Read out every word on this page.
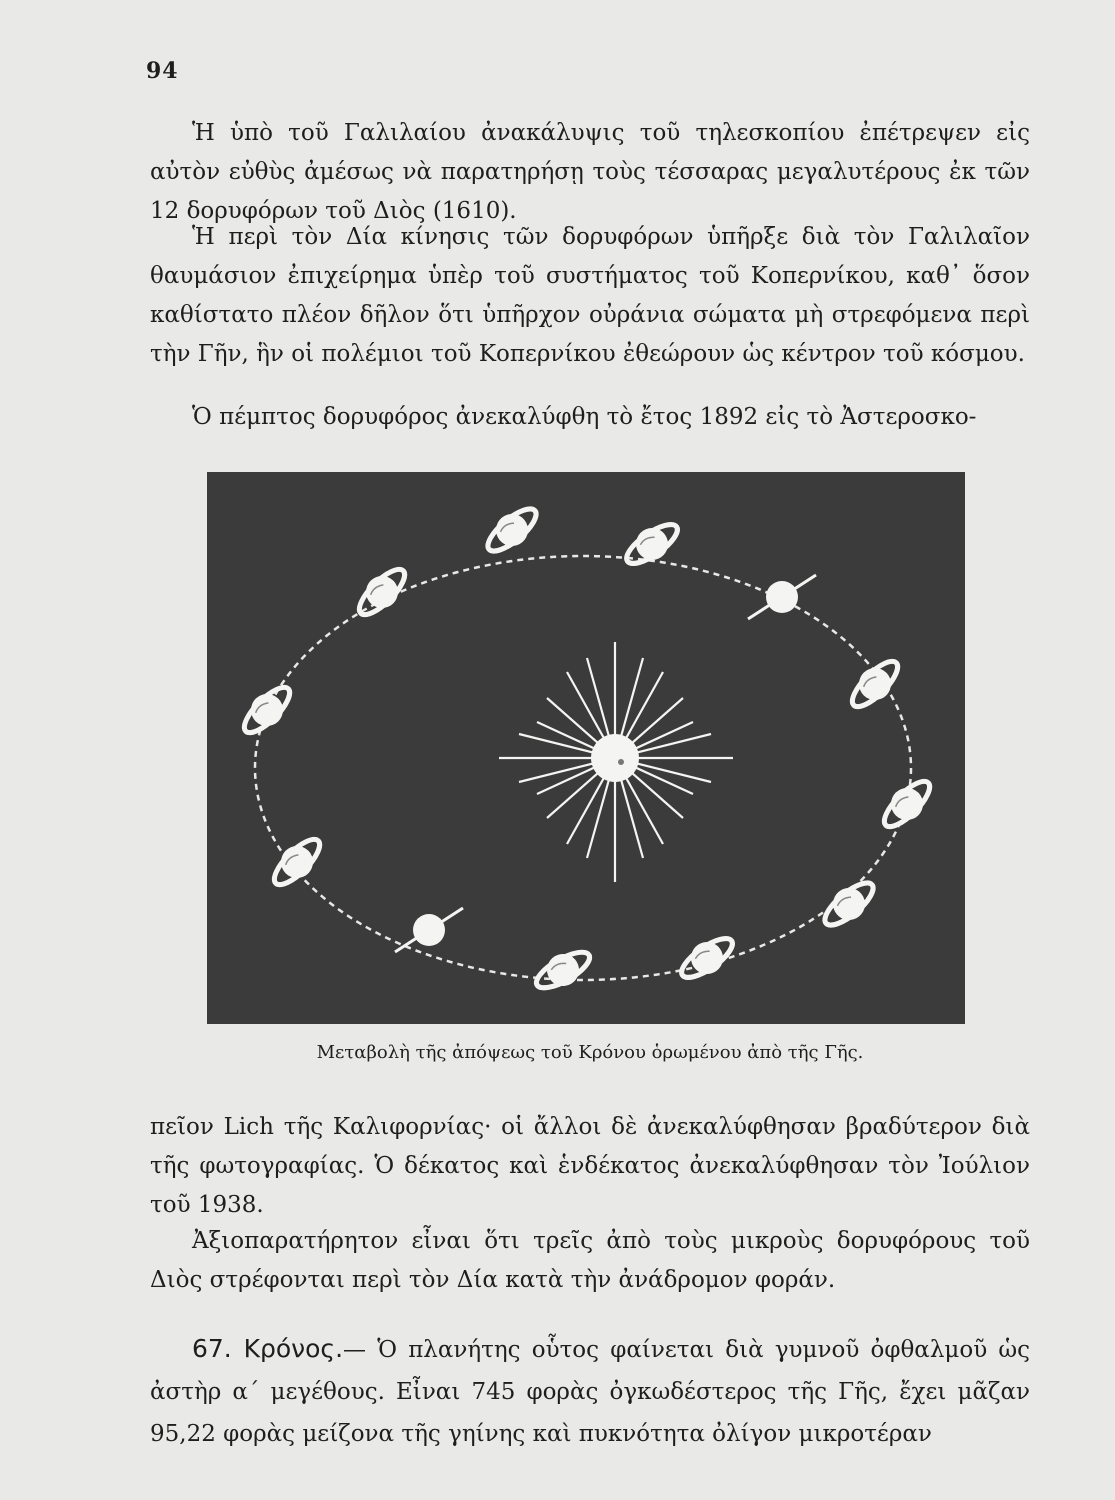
94

Ἡ ὑπὸ τοῦ Γαλιλαίου ἀνακάλυψις τοῦ τηλεσκοπίου ἐπέτρεψεν εἰς αὐτὸν εὐθὺς ἀμέσως νὰ παρατηρήσῃ τοὺς τέσσαρας μεγαλυτέρους ἐκ τῶν 12 δορυφόρων τοῦ Διὸς (1610).

Ἡ περὶ τὸν Δία κίνησις τῶν δορυφόρων ὑπῆρξε διὰ τὸν Γαλιλαῖον θαυμάσιον ἐπιχείρημα ὑπὲρ τοῦ συστήματος τοῦ Κοπερνίκου, καθ᾽ ὅσον καθίστατο πλέον δῆλον ὅτι ὑπῆρχον οὐράνια σώματα μὴ στρεφόμενα περὶ τὴν Γῆν, ἣν οἱ πολέμιοι τοῦ Κοπερνίκου ἐθεώρουν ὡς κέντρον τοῦ κόσμου.

Ὁ πέμπτος δορυφόρος ἀνεκαλύφθη τὸ ἔτος 1892 εἰς τὸ Ἀστεροσκο-

Μεταβολὴ τῆς ἀπόψεως τοῦ Κρόνου ὁρωμένου ἀπὸ τῆς Γῆς.

πεῖον Lich τῆς Καλιφορνίας· οἱ ἄλλοι δὲ ἀνεκαλύφθησαν βραδύτερον διὰ τῆς φωτογραφίας. Ὁ δέκατος καὶ ἑνδέκατος ἀνεκαλύφθησαν τὸν Ἰούλιον τοῦ 1938.

Ἀξιοπαρατήρητον εἶναι ὅτι τρεῖς ἀπὸ τοὺς μικροὺς δορυφόρους τοῦ Διὸς στρέφονται περὶ τὸν Δία κατὰ τὴν ἀνάδρομον φοράν.

67. Κρόνος.— Ὁ πλανήτης οὗτος φαίνεται διὰ γυμνοῦ ὀφθαλμοῦ ὡς ἀστὴρ α΄ μεγέθους. Εἶναι 745 φορὰς ὀγκωδέστερος τῆς Γῆς, ἔχει μᾶζαν 95,22 φορὰς μείζονα τῆς γηίνης καὶ πυκνότητα ὀλίγον μικροτέραν
